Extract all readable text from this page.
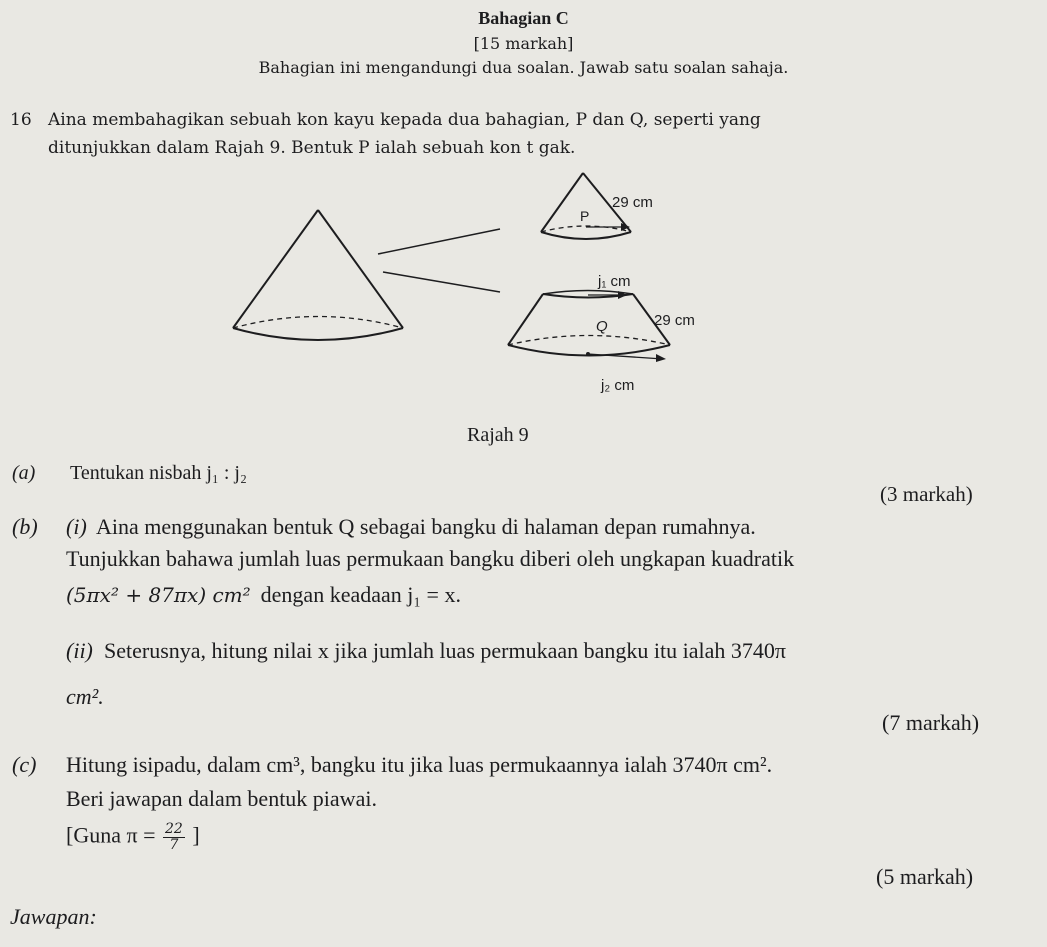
Bahagian C
[15 markah]
Bahagian ini mengandungi dua soalan. Jawab satu soalan sahaja.
16 Aina membahagikan sebuah kon kayu kepada dua bahagian, P dan Q, seperti yang
ditunjukkan dalam Rajah 9. Bentuk P ialah sebuah kon t gak.
P
29 cm
j₁ cm
Q	29 cm
j₂ cm
Rajah 9
(a) Tentukan nisbah j₁ : j₂
(3 markah)
(b) (i) Aina menggunakan bentuk Q sebagai bangku di halaman depan rumahnya.
Tunjukkan bahawa jumlah luas permukaan bangku diberi oleh ungkapan kuadratik
(5πx² + 87πx) cm² dengan keadaan j₁ = x.
(ii) Seterusnya, hitung nilai x jika jumlah luas permukaan bangku itu ialah 3740π
cm².
(7 markah)
(c) Hitung isipadu, dalam cm³, bangku itu jika luas permukaannya ialah 3740π cm².
Beri jawapan dalam bentuk piawai.
[Guna $\pi = \frac{22}{7}$ ]
(5 markah)
Jawapan:
